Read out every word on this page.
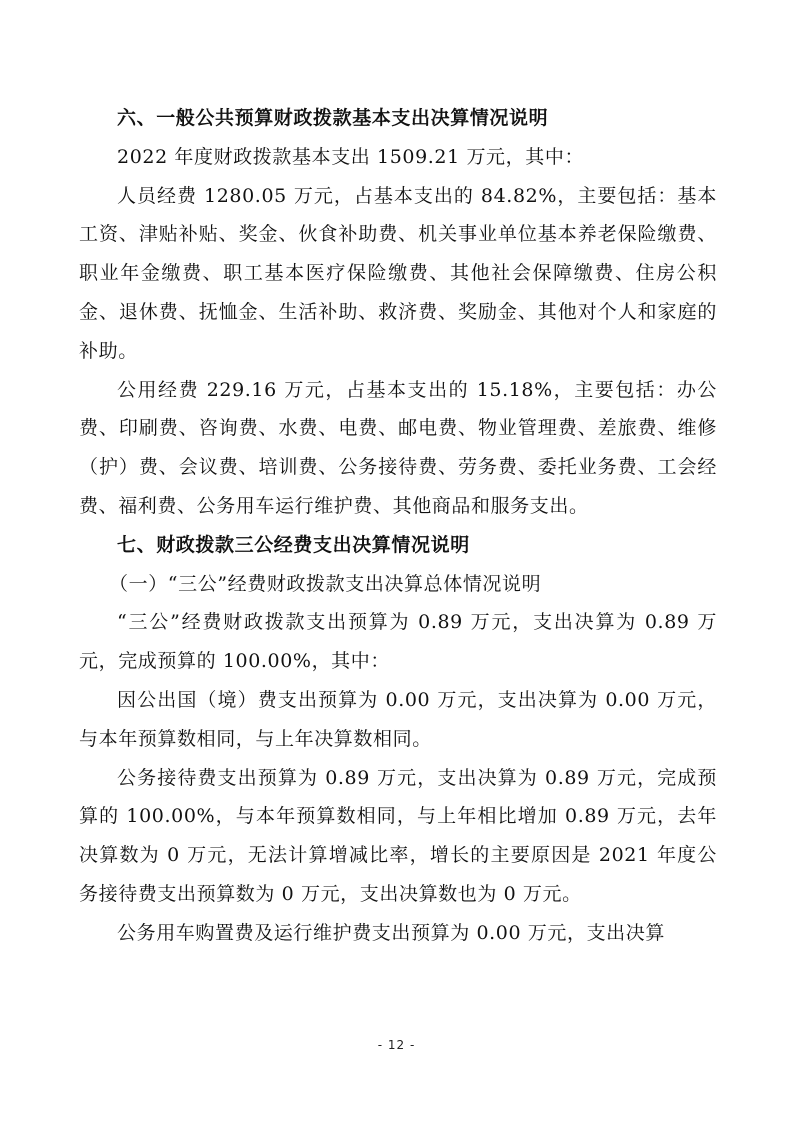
六、一般公共预算财政拨款基本支出决算情况说明

2022 年度财政拨款基本支出 1509.21 万元，其中：

人员经费 1280.05 万元，占基本支出的 84.82%，主要包括：基本工资、津贴补贴、奖金、伙食补助费、机关事业单位基本养老保险缴费、职业年金缴费、职工基本医疗保险缴费、其他社会保障缴费、住房公积金、退休费、抚恤金、生活补助、救济费、奖励金、其他对个人和家庭的补助。

公用经费 229.16 万元，占基本支出的 15.18%，主要包括：办公费、印刷费、咨询费、水费、电费、邮电费、物业管理费、差旅费、维修（护）费、会议费、培训费、公务接待费、劳务费、委托业务费、工会经费、福利费、公务用车运行维护费、其他商品和服务支出。

七、财政拨款三公经费支出决算情况说明

（一）“三公”经费财政拨款支出决算总体情况说明

“三公”经费财政拨款支出预算为 0.89 万元，支出决算为 0.89 万元，完成预算的 100.00%，其中：

因公出国（境）费支出预算为 0.00 万元，支出决算为 0.00 万元，与本年预算数相同，与上年决算数相同。

公务接待费支出预算为 0.89 万元，支出决算为 0.89 万元，完成预算的 100.00%，与本年预算数相同，与上年相比增加 0.89 万元，去年决算数为 0 万元，无法计算增减比率，增长的主要原因是 2021 年度公务接待费支出预算数为 0 万元，支出决算数也为 0 万元。

公务用车购置费及运行维护费支出预算为 0.00 万元，支出决算

- 12 -
